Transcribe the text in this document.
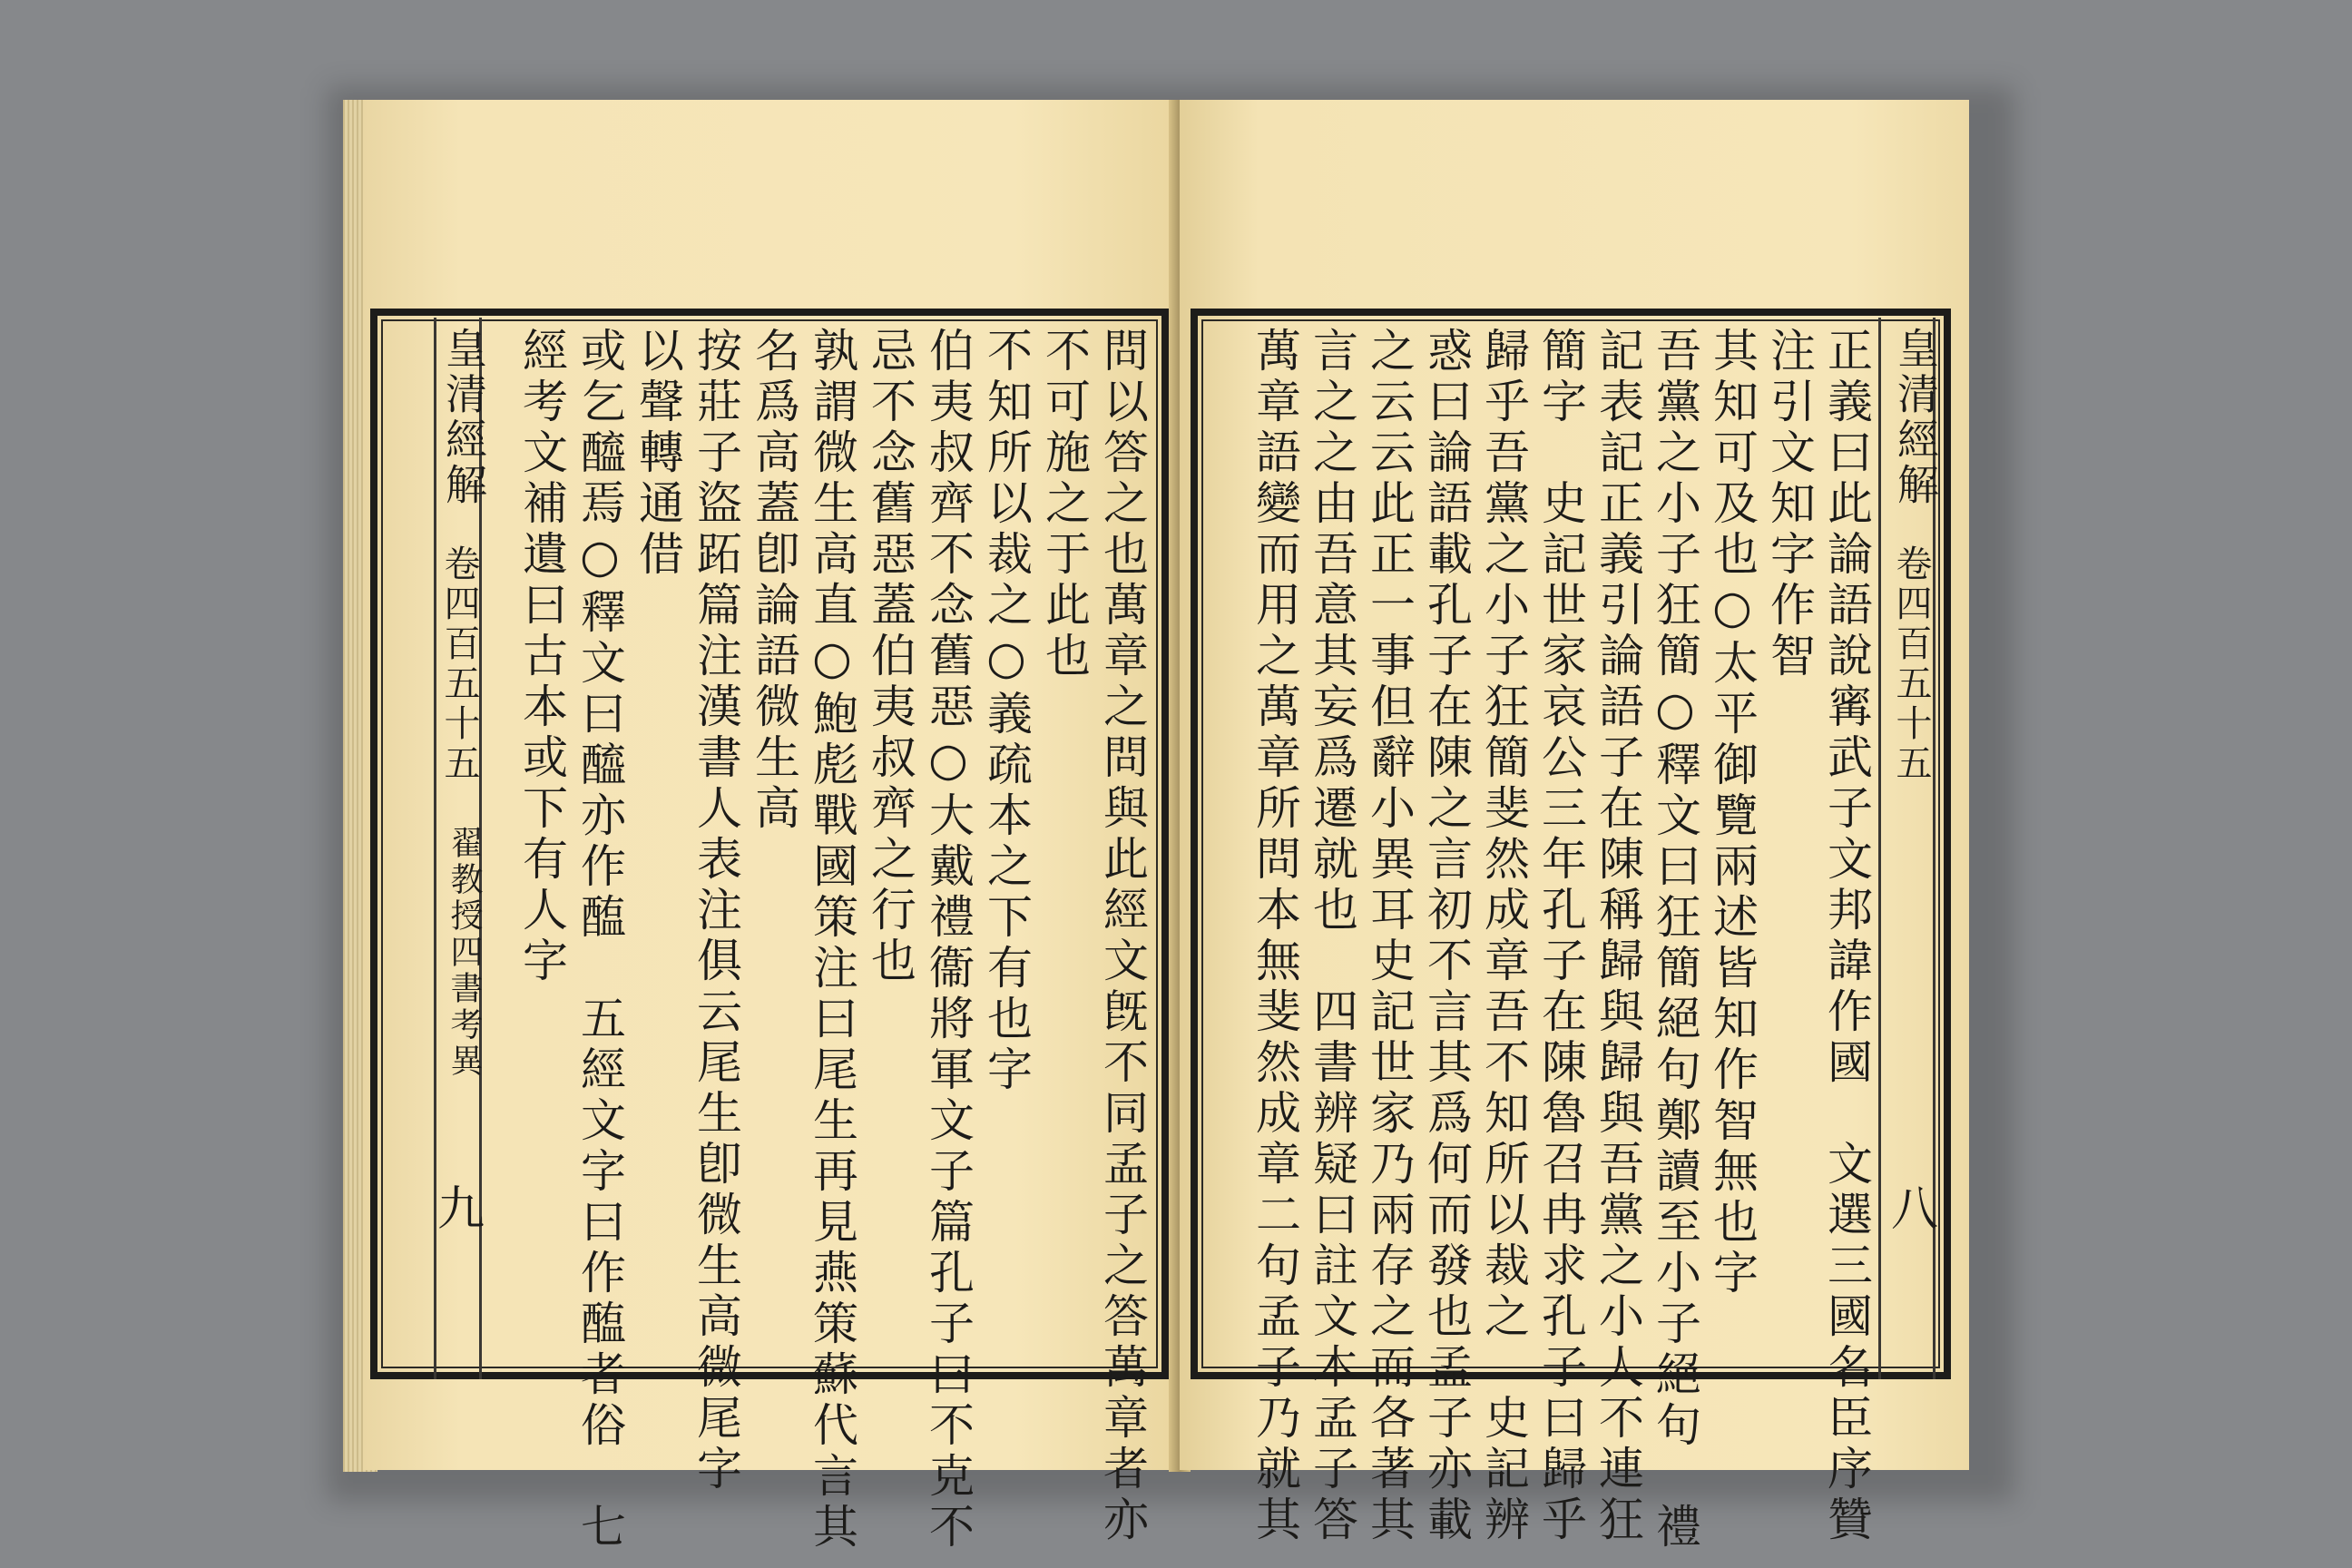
皇清經解
卷四百五十五
翟教授四書考異
九	問以答之也萬章之問與此經文旣不同孟子之答萬章者亦
不可施之于此也
不知所以裁之○義疏本之下有也字
伯夷叔齊不念舊惡○大戴禮衞將軍文子篇孔子曰不克不
忌不念舊惡蓋伯夷叔齊之行也
孰謂微生高直○鮑彪戰國策注曰尾生再見燕策蘇代言其
名爲高蓋卽論語微生高
按莊子盜跖篇注漢書人表注俱云尾生卽微生高微尾字
以聲轉通借
或乞醯焉○釋文曰醯亦作醢　五經文字曰作醢者俗　七
經考文補遺曰古本或下有人字	皇清經解
卷四百五十五
八
正義曰此論語說寗武子文邦諱作國　文選三國名臣序贊
注引文知字作智
其知可及也○太平御覽兩述皆知作智無也字
吾黨之小子狂簡○釋文曰狂簡絕句鄭讀至小子絕句　禮
記表記正義引論語子在陳稱歸與歸與吾黨之小人不連狂
簡字　史記世家哀公三年孔子在陳魯召冉求孔子曰歸乎
歸乎吾黨之小子狂簡斐然成章吾不知所以裁之　史記辨
惑曰論語載孔子在陳之言初不言其爲何而發也孟子亦載
之云云此正一事但辭小異耳史記世家乃兩存之而各著其
言之之由吾意其妄爲遷就也　四書辨疑曰註文本孟子答
萬章語變而用之萬章所問本無斐然成章二句孟子乃就其
